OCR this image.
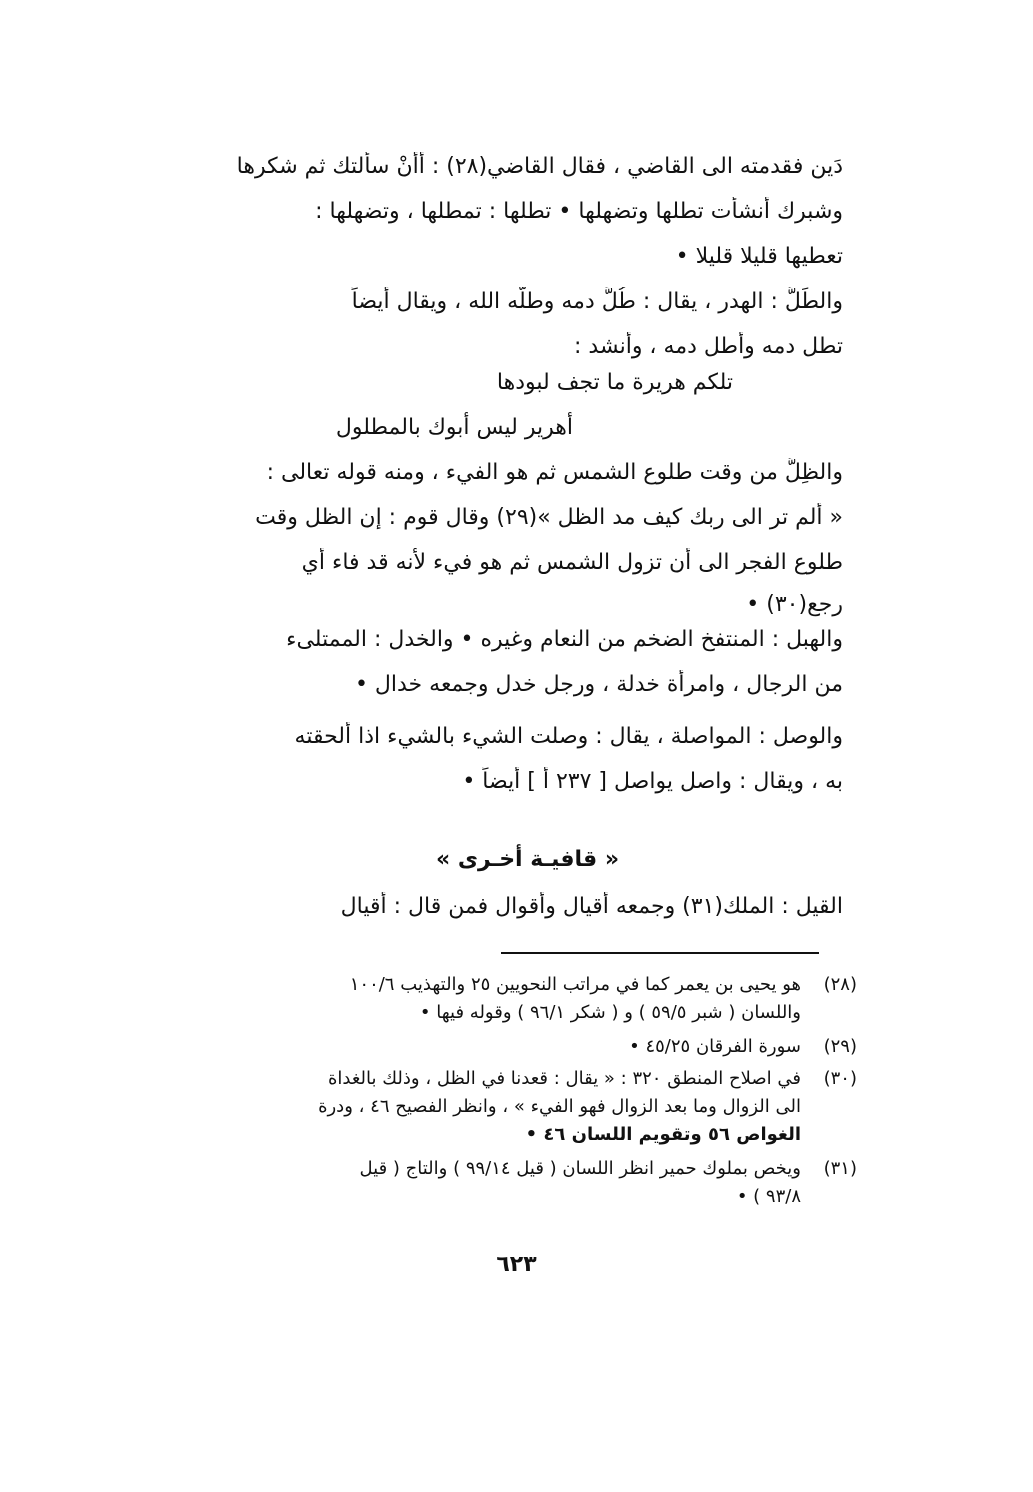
دَين فقدمته الى القاضي ، فقال القاضي(٢٨) : أأَنْ سألتك ثم شكرها
وشبرك أنشأت تطلها وتضهلها • تطلها : تمطلها ، وتضهلها :
تعطيها قليلا قليلا •
والطَلُّ : الهدر ، يقال : طُلَّ دمه وطلَّه الله ، ويقال أيضاً
تطل دمه وأطل دمه ، وأنشد :
تلكم هريرة ما تجف لبودها
أهرير ليس أبوك بالمطلول
والظِلُّ من وقت طلوع الشمس ثم هو الفيء ، ومنه قوله تعالى :
« ألم تر الى ربك كيف مد الظل »(٢٩) وقال قوم : إن الظل وقت
طلوع الفجر الى أن تزول الشمس ثم هو فيء لأنه قد فاء أي
رجع(٣٠) •
والهبل : المنتفخ الضخم من النعام وغيره • والخدل : الممتلىء
من الرجال ، وامرأة خدلة ، ورجل خدل وجمعه خدال •
والوصل : المواصلة ، يقال : وصلت الشيء بالشيء اذا ألحقته
به ، ويقال : واصل يواصل [ ٢٣٧ أ ] أيضاً •
« قافيـة أخـرى »
القيل : الملك(٣١) وجمعه أقيال وأقوال فمن قال : أقيال
(٢٨)
هو يحيى بن يعمر كما في مراتب النحويين ٢٥ والتهذيب ١٠٠/٦
واللسان ( شبر ٥٩/٥ ) و ( شكر ٩٦/١ ) وقوله فيها •
(٢٩)
سورة الفرقان ٤٥/٢٥ •
(٣٠)
في اصلاح المنطق ٣٢٠ : « يقال : قعدنا في الظل ، وذلك بالغداة
الى الزوال وما بعد الزوال فهو الفيء » ، وانظر الفصيح ٤٦ ، ودرة
الغواص ٥٦ وتقويم اللسان ٤٦ •
(٣١)
ويخص بملوك حمير انظر اللسان ( قيل ٩٩/١٤ ) والتاج ( قيل
٩٣/٨ ) •
٦٢٣
